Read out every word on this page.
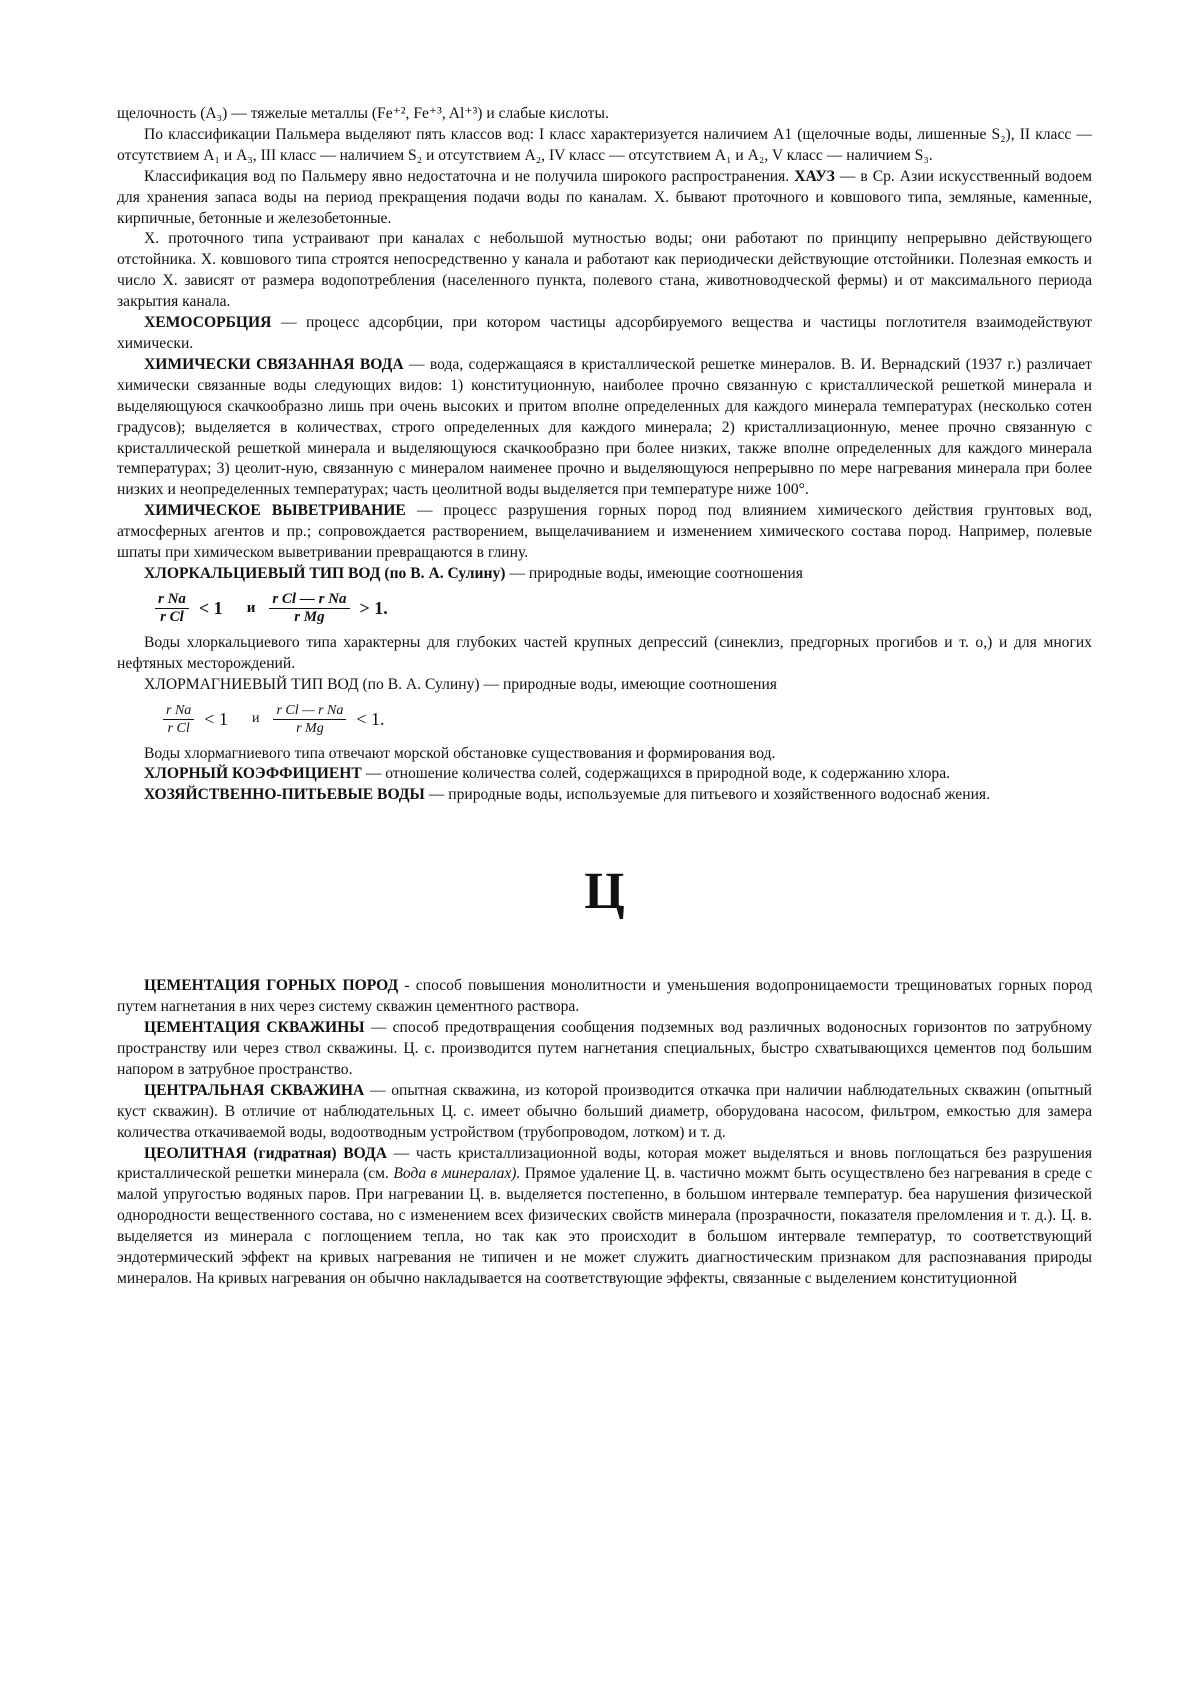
щелочность (A₃) — тяжелые металлы (Fe⁺², Fe⁺³, Al⁺³) и слабые кислоты.

По классификации Пальмера выделяют пять классов вод: I класс характеризуется наличием A1 (щелочные воды, лишенные S₂), II класс — отсутствием A₁ и A₃, III класс — наличием S₂ и отсутствием A₂, IV класс — отсутствием A₁ и A₂, V класс — наличием S₃.

Классификация вод по Пальмеру явно недостаточна и не получила широкого распространения. ХАУЗ — в Ср. Азии искусственный водоем для хранения запаса воды на период прекращения подачи воды по каналам. Х. бывают проточного и ковшового типа, земляные, каменные, кирпичные, бетонные и железобетонные.

Х. проточного типа устраивают при каналах с небольшой мутностью воды; они работают по принципу непрерывно действующего отстойника. Х. ковшового типа строятся непосредственно у канала и работают как периодически действующие отстойники. Полезная емкость и число Х. зависят от размера водопотребления (населенного пункта, полевого стана, животноводческой фермы) и от максимального периода закрытия канала.

ХЕМОСОРБЦИЯ — процесс адсорбции, при котором частицы адсорбируемого вещества и частицы поглотителя взаимодействуют химически.

ХИМИЧЕСКИ СВЯЗАННАЯ ВОДА — вода, содержащаяся в кристаллической решетке минералов. В. И. Вернадский (1937 г.) различает химически связанные воды следующих видов: 1) конституционную, наиболее прочно связанную с кристаллической решеткой минерала и выделяющуюся скачкообразно лишь при очень высоких и притом вполне определенных для каждого минерала температурах (несколько сотен градусов); выделяется в количествах, строго определенных для каждого минерала; 2) кристаллизационную, менее прочно связанную с кристаллической решеткой минерала и выделяющуюся скачкообразно при более низких, также вполне определенных для каждого минерала температурах; 3) цеолит-ную, связанную с минералом наименее прочно и выделяющуюся непрерывно по мере нагревания минерала при более низких и неопределенных температурах; часть цеолитной воды выделяется при температуре ниже 100°.

ХИМИЧЕСКОЕ ВЫВЕТРИВАНИЕ — процесс разрушения горных пород под влиянием химического действия грунтовых вод, атмосферных агентов и пр.; сопровождается растворением, выщелачиванием и изменением химического состава пород. Например, полевые шпаты при химическом выветривании превращаются в глину.

ХЛОРКАЛЬЦИЕВЫЙ ТИП ВОД (по В. А. Сулину) — природные воды, имеющие соотношения

$\frac{\text{r Na}}{\text{r Cl}} < 1$ и $\frac{\text{r Cl — r Na}}{\text{r Mg}} > 1$.

Воды хлоркальциевого типа характерны для глубоких частей крупных депрессий (синеклиз, предгорных прогибов и т. о,) и для многих нефтяных месторождений.

ХЛОРМАГНИЕВЫЙ ТИП ВОД (по В. А. Сулину) — природные воды, имеющие соотношения

$\frac{\text{r Na}}{\text{r Cl}} < 1$ и $\frac{\text{r Cl — r Na}}{\text{r Mg}} < 1$.

Воды хлормагниевого типа отвечают морской обстановке существования и формирования вод.

ХЛОРНЫЙ КОЭФФИЦИЕНТ — отношение количества солей, содержащихся в природной воде, к содержанию хлора.

ХОЗЯЙСТВЕННО-ПИТЬЕВЫЕ ВОДЫ — природные воды, используемые для питьевого и хозяйственного водоснаб жения.

Ц

ЦЕМЕНТАЦИЯ ГОРНЫХ ПОРОД - способ повышения монолитности и уменьшения водопроницаемости трещиноватых горных пород путем нагнетания в них через систему скважин цементного раствора.

ЦЕМЕНТАЦИЯ СКВАЖИНЫ — способ предотвращения сообщения подземных вод различных водоносных горизонтов по затрубному пространству или через ствол скважины. Ц. с. производится путем нагнетания специальных, быстро схватывающихся цементов под большим напором в затрубное пространство.

ЦЕНТРАЛЬНАЯ СКВАЖИНА — опытная скважина, из которой производится откачка при наличии наблюдательных скважин (опытный куст скважин). В отличие от наблюдательных Ц. с. имеет обычно больший диаметр, оборудована насосом, фильтром, емкостью для замера количества откачиваемой воды, водоотводным устройством (трубопроводом, лотком) и т. д.

ЦЕОЛИТНАЯ (гидратная) ВОДА — часть кристаллизационной воды, которая может выделяться и вновь поглощаться без разрушения кристаллической решетки минерала (см. Вода в минералах). Прямое удаление Ц. в. частично можмт быть осуществлено без нагревания в среде с малой упругостью водяных паров. При нагревании Ц. в. выделяется постепенно, в большом интервале температур. беа нарушения физической однородности вещественного состава, но с изменением всех физических свойств минерала (прозрачности, показателя преломления и т. д.). Ц. в. выделяется из минерала с поглощением тепла, но так как это происходит в большом интервале температур, то соответствующий эндотермический эффект на кривых нагревания не типичен и не может служить диагностическим признаком для распознавания природы минералов. На кривых нагревания он обычно накладывается на соответствующие эффекты, связанные с выделением конституционной
